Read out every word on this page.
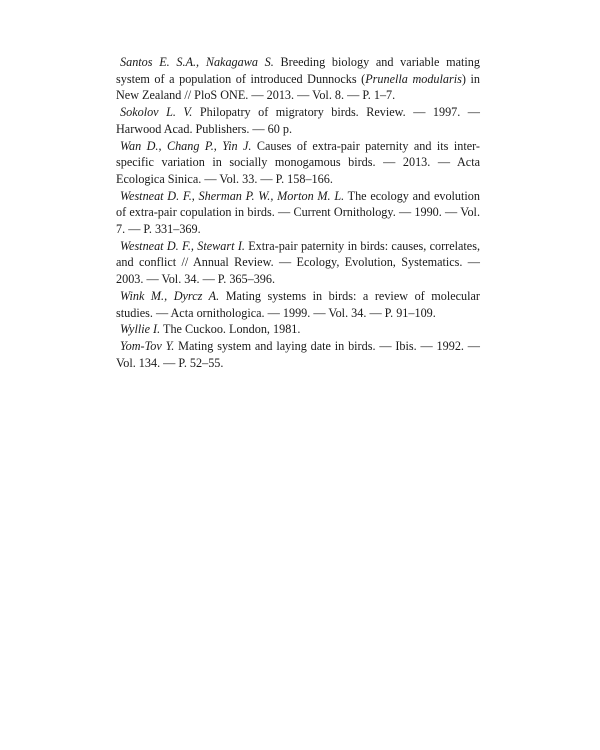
Santos E. S.A., Nakagawa S. Breeding biology and variable mating system of a population of introduced Dunnocks (Prunella modularis) in New Zealand // PloS ONE. — 2013. — Vol. 8. — P. 1–7.

Sokolov L. V. Philopatry of migratory birds. Review. — 1997. — Harwood Acad. Publishers. — 60 p.

Wan D., Chang P., Yin J. Causes of extra-pair paternity and its inter-specific variation in socially monogamous birds. — 2013. — Acta Ecologica Sinica. — Vol. 33. — P. 158–166.

Westneat D. F., Sherman P. W., Morton M. L. The ecology and evolution of extra-pair copulation in birds. — Current Ornithology. — 1990. — Vol. 7. — P. 331–369.

Westneat D. F., Stewart I. Extra-pair paternity in birds: causes, correlates, and conflict // Annual Review. — Ecology, Evolution, Systematics. — 2003. — Vol. 34. — P. 365–396.

Wink M., Dyrcz A. Mating systems in birds: a review of molecular studies. — Acta ornithologica. — 1999. — Vol. 34. — P. 91–109.

Wyllie I. The Cuckoo. London, 1981.

Yom-Tov Y. Mating system and laying date in birds. — Ibis. — 1992. — Vol. 134. — P. 52–55.
